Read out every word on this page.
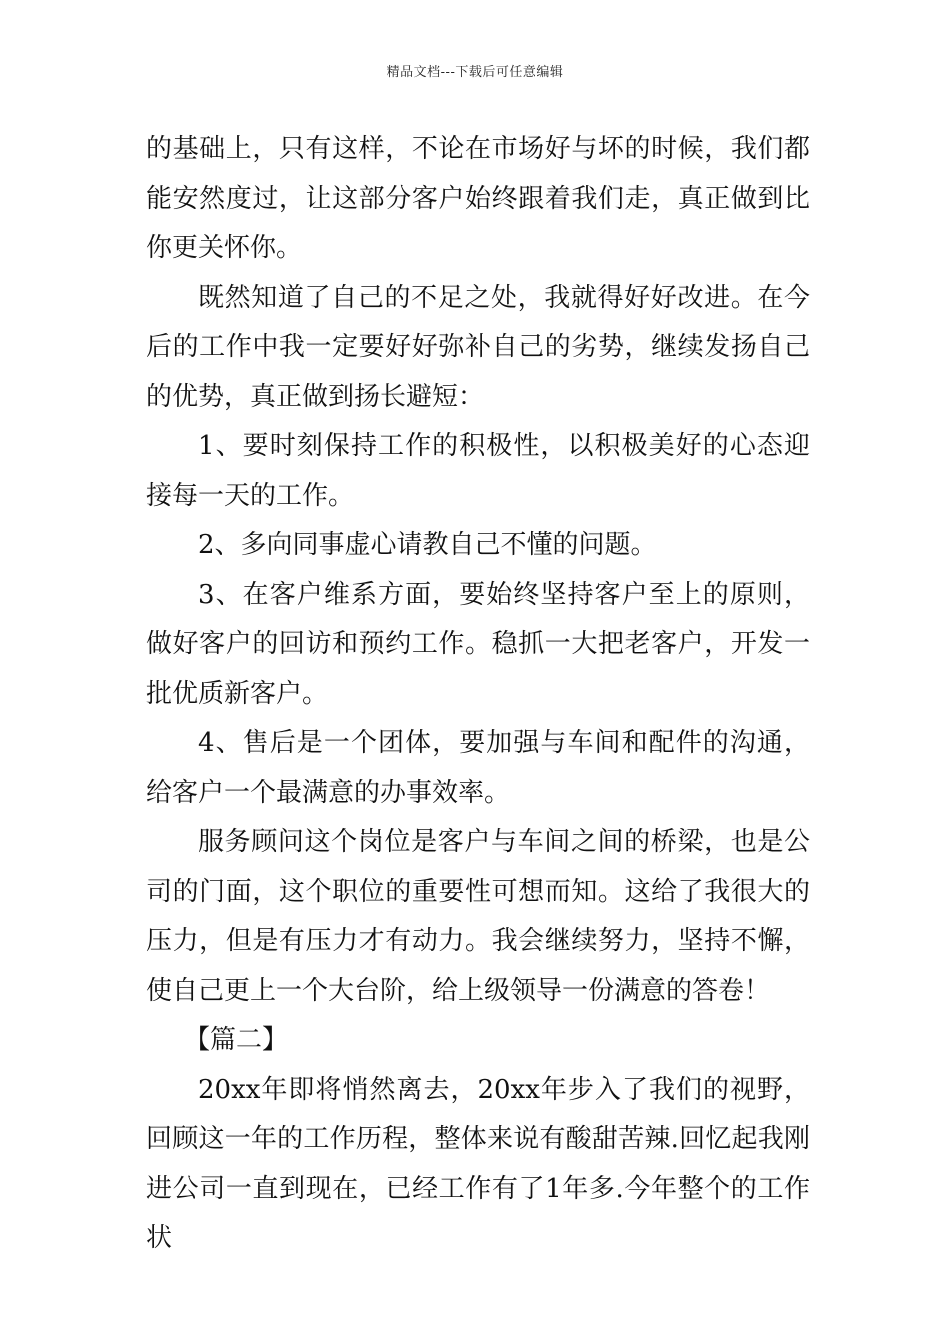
精品文档---下载后可任意编辑

的基础上，只有这样，不论在市场好与坏的时候，我们都能安然度过，让这部分客户始终跟着我们走，真正做到比你更关怀你。

既然知道了自己的不足之处，我就得好好改进。在今后的工作中我一定要好好弥补自己的劣势，继续发扬自己的优势，真正做到扬长避短：

1、要时刻保持工作的积极性，以积极美好的心态迎接每一天的工作。

2、多向同事虚心请教自己不懂的问题。

3、在客户维系方面，要始终坚持客户至上的原则，做好客户的回访和预约工作。稳抓一大把老客户，开发一批优质新客户。

4、售后是一个团体，要加强与车间和配件的沟通，给客户一个最满意的办事效率。

服务顾问这个岗位是客户与车间之间的桥梁，也是公司的门面，这个职位的重要性可想而知。这给了我很大的压力，但是有压力才有动力。我会继续努力，坚持不懈，使自己更上一个大台阶，给上级领导一份满意的答卷！

【篇二】

20xx年即将悄然离去，20xx年步入了我们的视野，回顾这一年的工作历程，整体来说有酸甜苦辣.回忆起我刚进公司一直到现在，已经工作有了1年多.今年整个的工作状
